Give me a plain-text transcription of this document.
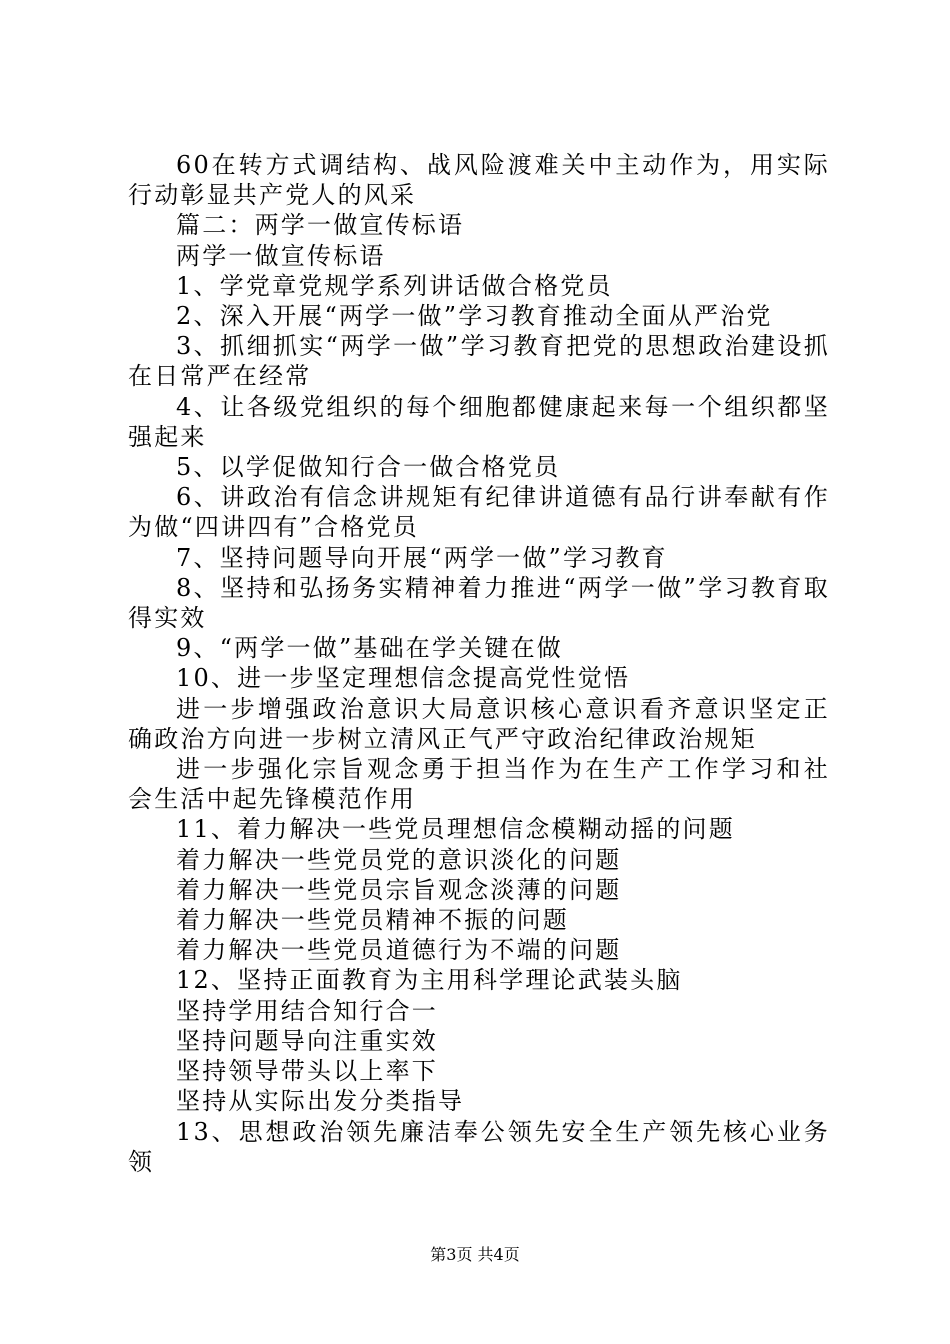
60在转方式调结构、战风险渡难关中主动作为，用实际行动彰显共产党人的风采

篇二：两学一做宣传标语

两学一做宣传标语

1、学党章党规学系列讲话做合格党员

2、深入开展“两学一做”学习教育推动全面从严治党

3、抓细抓实“两学一做”学习教育把党的思想政治建设抓在日常严在经常

4、让各级党组织的每个细胞都健康起来每一个组织都坚强起来

5、以学促做知行合一做合格党员

6、讲政治有信念讲规矩有纪律讲道德有品行讲奉献有作为做“四讲四有”合格党员

7、坚持问题导向开展“两学一做”学习教育

8、坚持和弘扬务实精神着力推进“两学一做”学习教育取得实效

9、“两学一做”基础在学关键在做

10、进一步坚定理想信念提高党性觉悟

进一步增强政治意识大局意识核心意识看齐意识坚定正确政治方向进一步树立清风正气严守政治纪律政治规矩

进一步强化宗旨观念勇于担当作为在生产工作学习和社会生活中起先锋模范作用

11、着力解决一些党员理想信念模糊动摇的问题

着力解决一些党员党的意识淡化的问题

着力解决一些党员宗旨观念淡薄的问题

着力解决一些党员精神不振的问题

着力解决一些党员道德行为不端的问题

12、坚持正面教育为主用科学理论武装头脑

坚持学用结合知行合一

坚持问题导向注重实效

坚持领导带头以上率下

坚持从实际出发分类指导

13、思想政治领先廉洁奉公领先安全生产领先核心业务领

第3页 共4页
